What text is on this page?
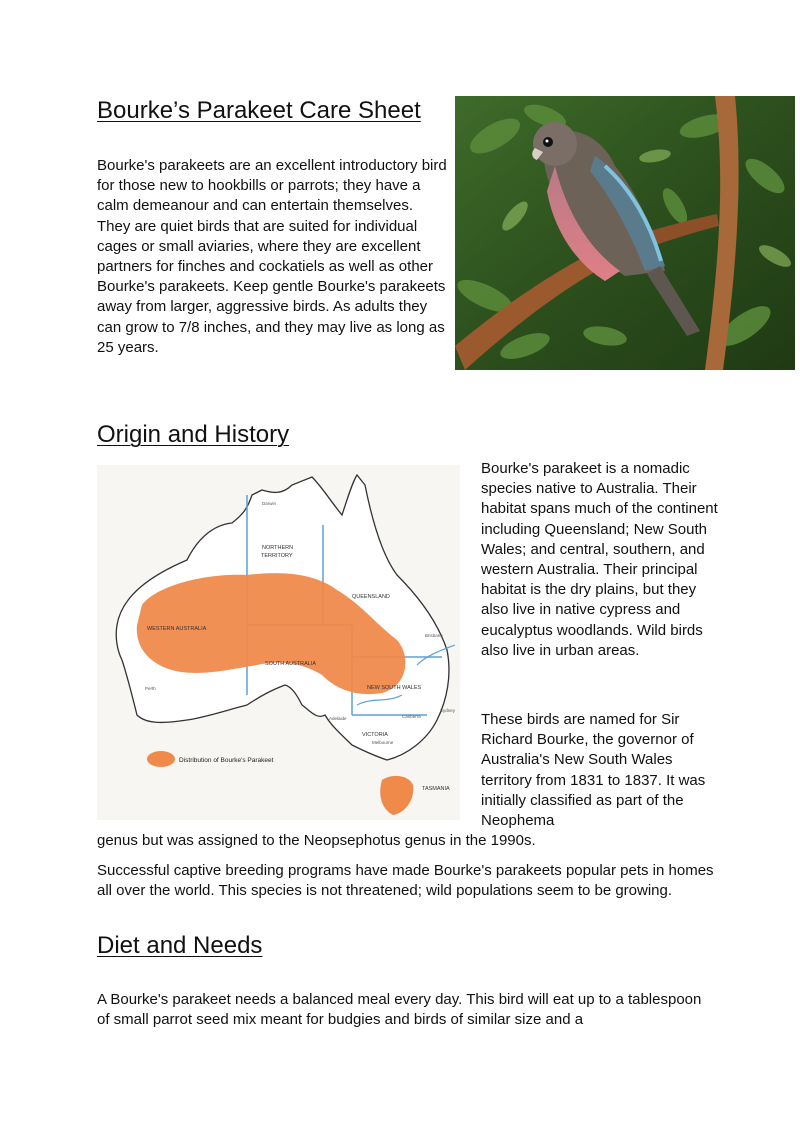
Bourke’s Parakeet Care Sheet

Bourke's parakeets are an excellent introductory bird for those new to hookbills or parrots; they have a calm demeanour and can entertain themselves. They are quiet birds that are suited for individual cages or small aviaries, where they are excellent partners for finches and cockatiels as well as other Bourke's parakeets. Keep gentle Bourke's parakeets away from larger, aggressive birds. As adults they can grow to 7/8 inches, and they may live as long as 25 years.

Origin and History
Distribution of Bourke's Parakeet
NORTHERN
TERRITORY
WESTERN AUSTRALIA
QUEENSLAND
SOUTH AUSTRALIA
NEW SOUTH WALES
VICTORIA
TASMANIA
Darwin
Perth
Brisbane
Sydney
Canberra
Adelaide
Melbourne

Bourke's parakeet is a nomadic species native to Australia. Their habitat spans much of the continent including Queensland; New South Wales; and central, southern, and western Australia. Their principal habitat is the dry plains, but they also live in native cypress and eucalyptus woodlands. Wild birds also live in urban areas.

These birds are named for Sir Richard Bourke, the governor of Australia's New South Wales territory from 1831 to 1837. It was initially classified as part of the Neophema

genus but was assigned to the Neopsephotus genus in the 1990s.

Successful captive breeding programs have made Bourke's parakeets popular pets in homes all over the world. This species is not threatened; wild populations seem to be growing.

Diet and Needs

A Bourke's parakeet needs a balanced meal every day. This bird will eat up to a tablespoon of small parrot seed mix meant for budgies and birds of similar size and a
